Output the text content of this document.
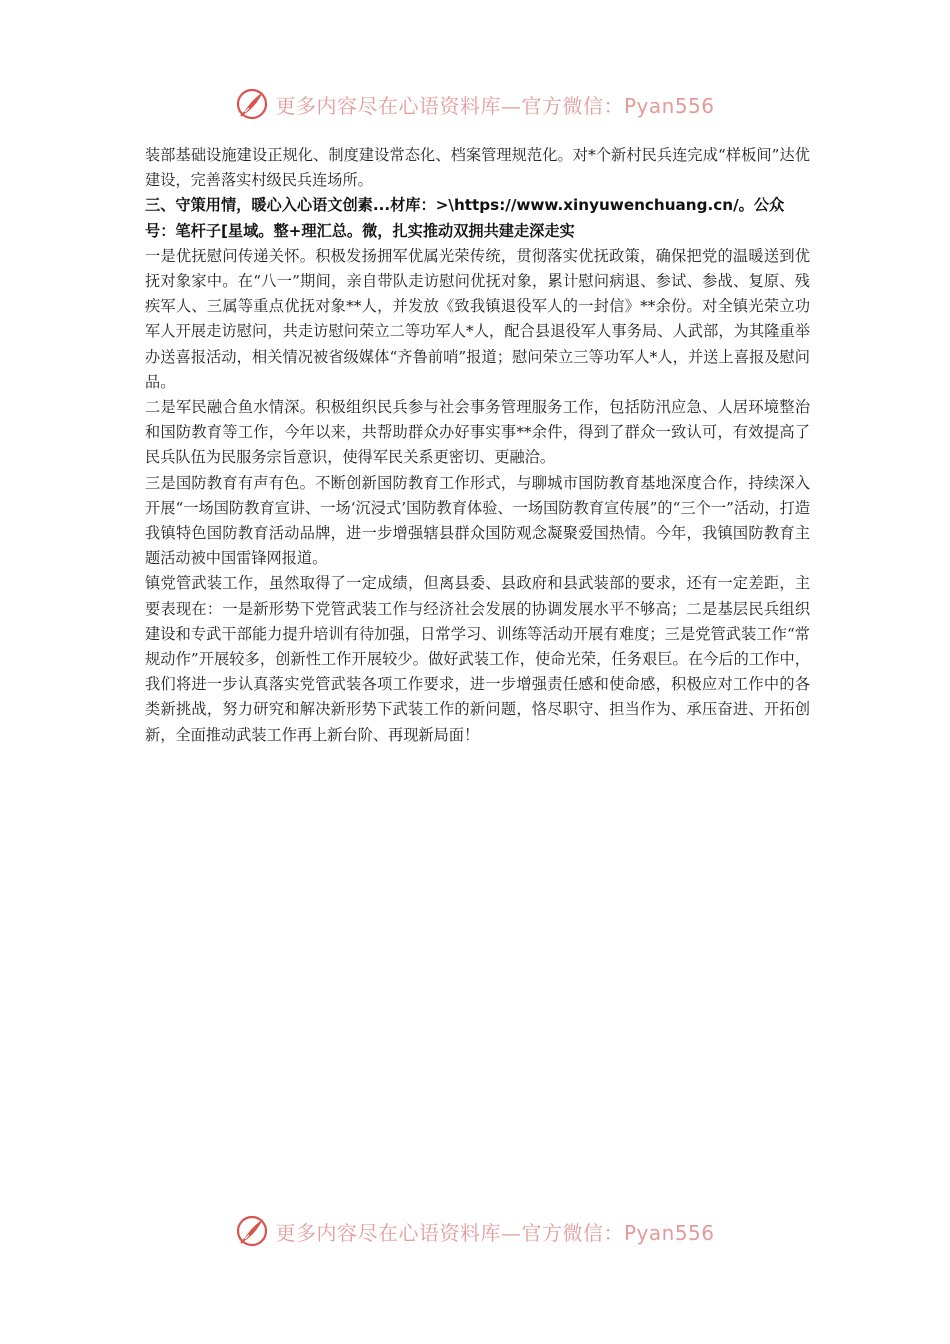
更多内容尽在心语资料库—官方微信：Pyan556

装部基础设施建设正规化、制度建设常态化、档案管理规范化。对*个新村民兵连完成“样板间”达优建设，完善落实村级民兵连场所。

三、守策用情，暖心入心语文创素...材库：>\https://www.xinyuwenchuang.cn/。公众号：笔杆子[星域。整+理汇总。微，扎实推动双拥共建走深走实

一是优抚慰问传递关怀。积极发扬拥军优属光荣传统，贯彻落实优抚政策，确保把党的温暖送到优抚对象家中。在“八一”期间，亲自带队走访慰问优抚对象，累计慰问病退、参试、参战、复原、残疾军人、三属等重点优抚对象**人，并发放《致我镇退役军人的一封信》**余份。对全镇光荣立功军人开展走访慰问，共走访慰问荣立二等功军人*人，配合县退役军人事务局、人武部，为其隆重举办送喜报活动，相关情况被省级媒体“齐鲁前哨”报道；慰问荣立三等功军人*人，并送上喜报及慰问品。

二是军民融合鱼水情深。积极组织民兵参与社会事务管理服务工作，包括防汛应急、人居环境整治和国防教育等工作，今年以来，共帮助群众办好事实事**余件，得到了群众一致认可，有效提高了民兵队伍为民服务宗旨意识，使得军民关系更密切、更融洽。

三是国防教育有声有色。不断创新国防教育工作形式，与聊城市国防教育基地深度合作，持续深入开展“一场国防教育宣讲、一场‘沉浸式’国防教育体验、一场国防教育宣传展”的“三个一”活动，打造我镇特色国防教育活动品牌，进一步增强辖县群众国防观念凝聚爱国热情。今年，我镇国防教育主题活动被中国雷锋网报道。

镇党管武装工作，虽然取得了一定成绩，但离县委、县政府和县武装部的要求，还有一定差距，主要表现在：一是新形势下党管武装工作与经济社会发展的协调发展水平不够高；二是基层民兵组织建设和专武干部能力提升培训有待加强，日常学习、训练等活动开展有难度；三是党管武装工作“常规动作”开展较多，创新性工作开展较少。做好武装工作，使命光荣，任务艰巨。在今后的工作中，我们将进一步认真落实党管武装各项工作要求，进一步增强责任感和使命感，积极应对工作中的各类新挑战，努力研究和解决新形势下武装工作的新问题，恪尽职守、担当作为、承压奋进、开拓创新，全面推动武装工作再上新台阶、再现新局面！

更多内容尽在心语资料库—官方微信：Pyan556
